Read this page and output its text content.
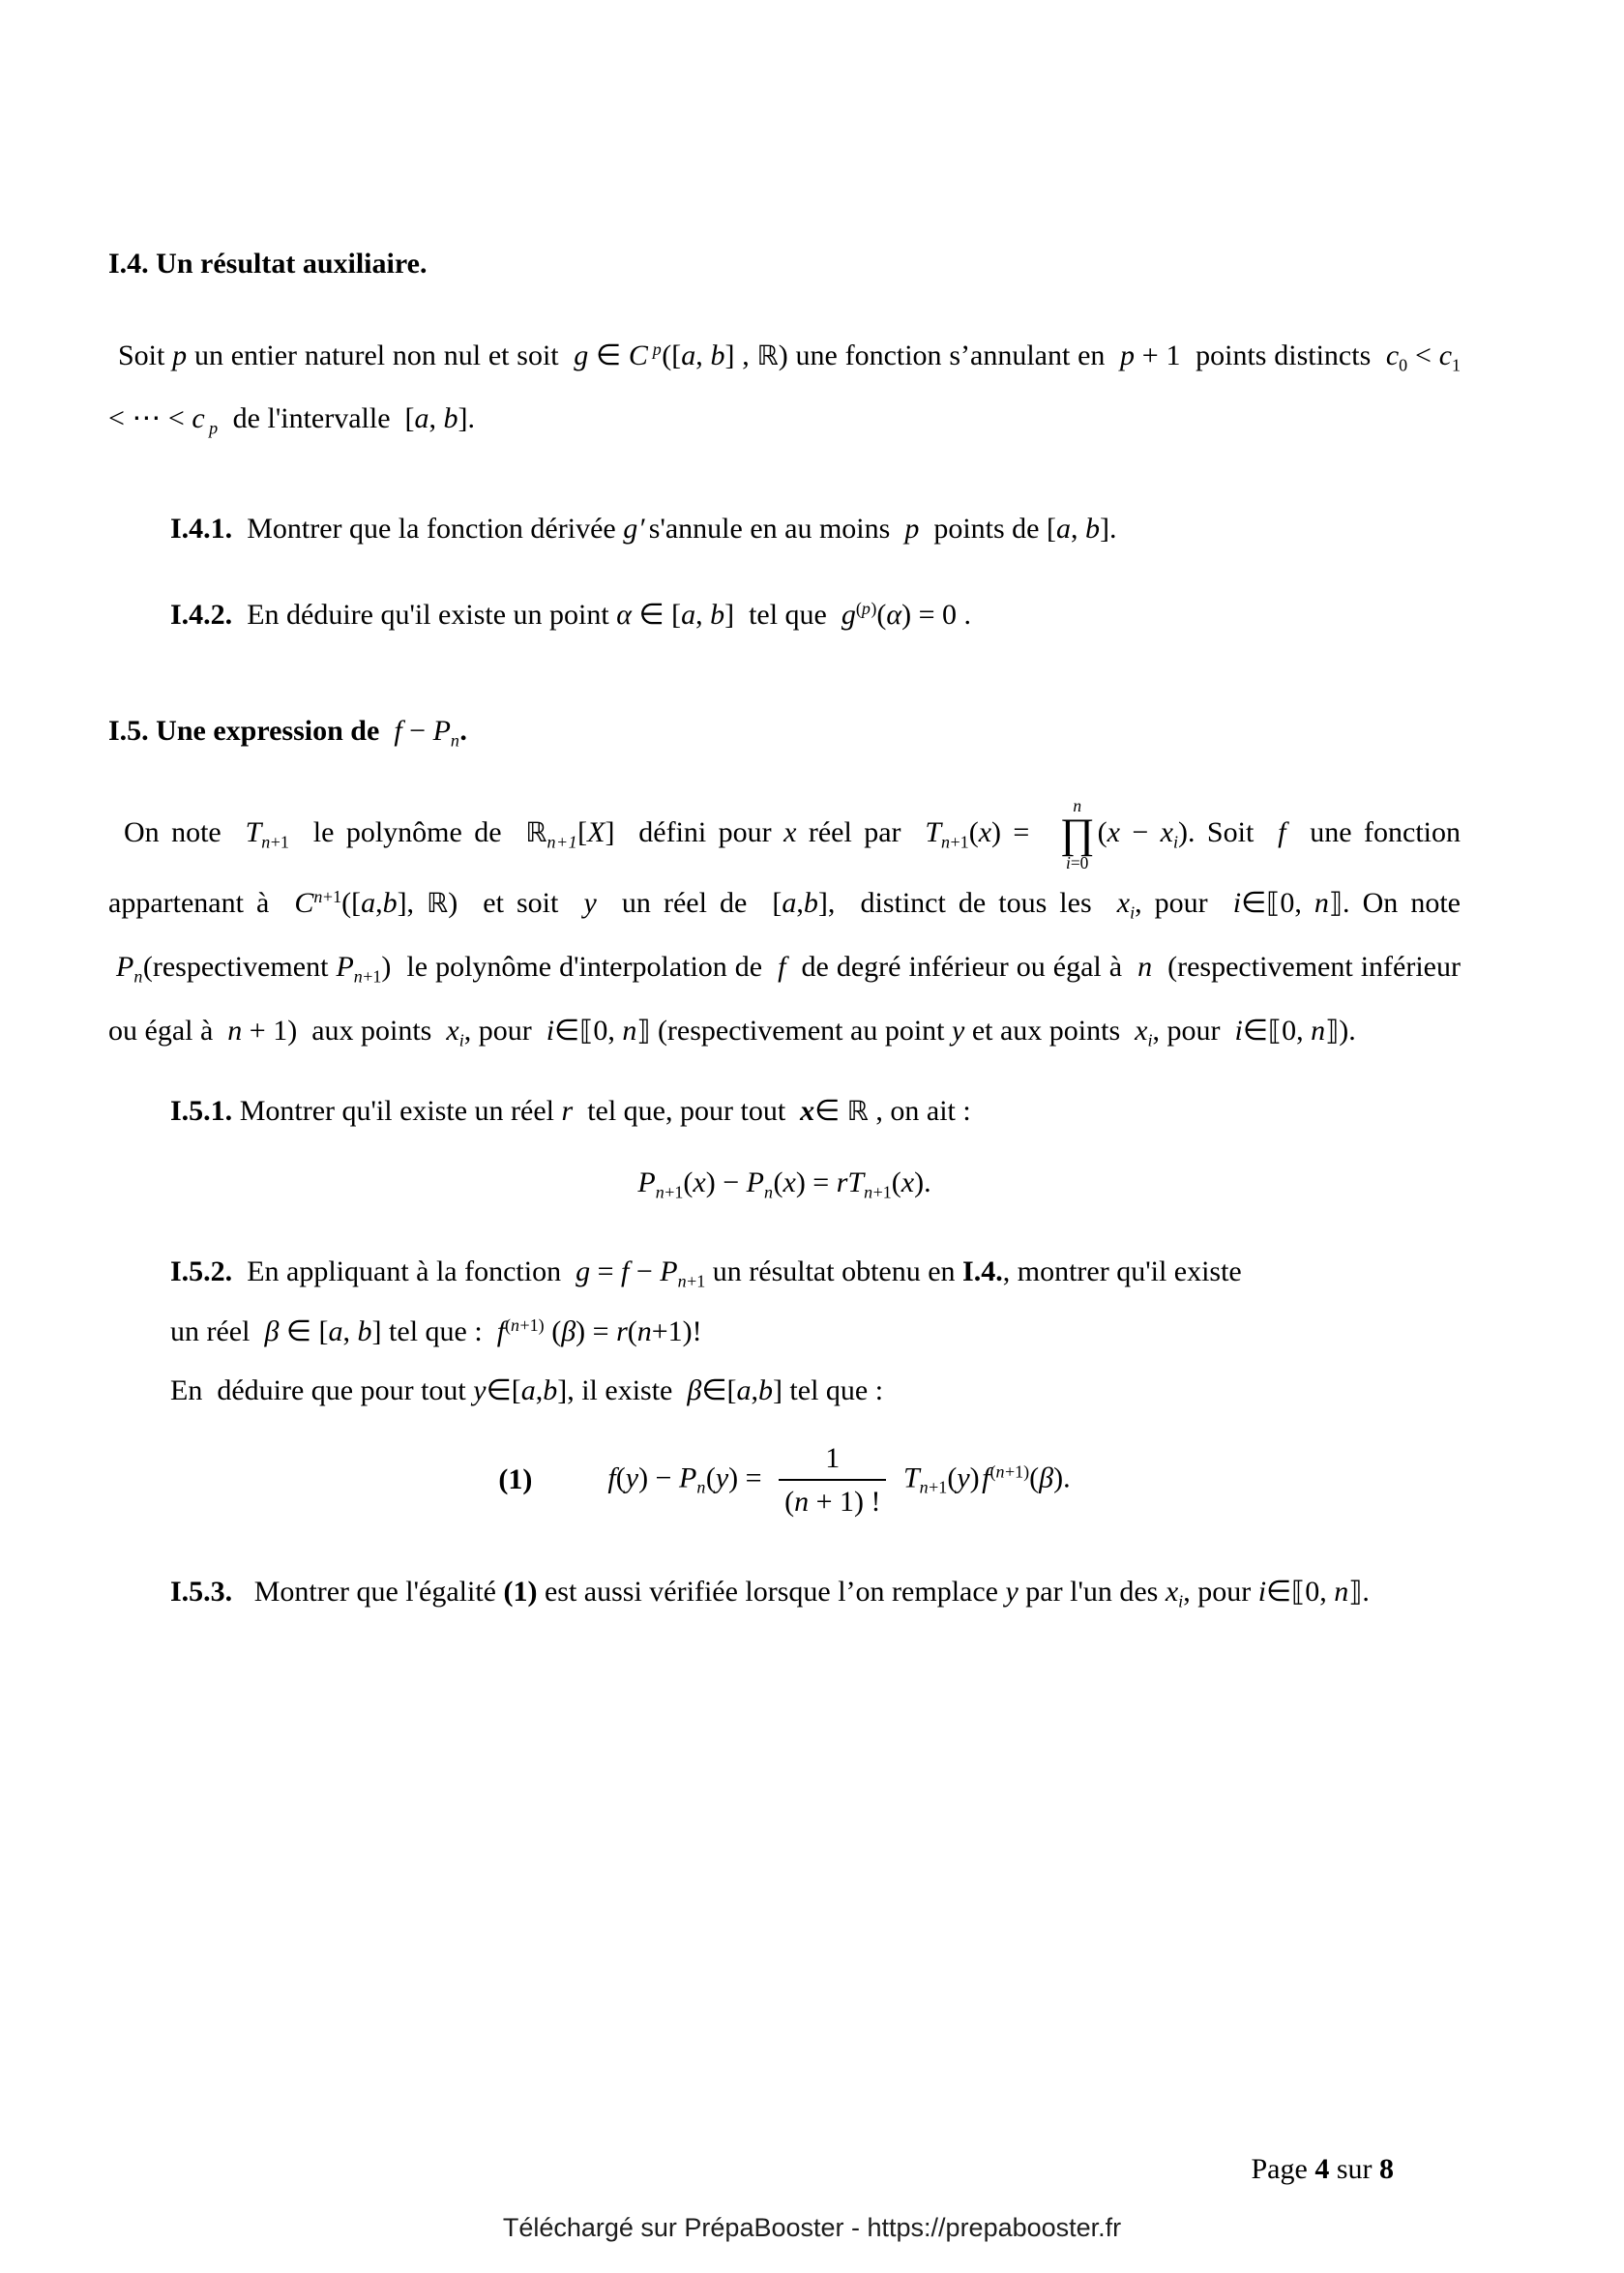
I.4. Un résultat auxiliaire.
Soit p un entier naturel non nul et soit  g ∈ C $^p$([a, b] , ℝ) une fonction s’annulant en  p + 1  points distincts  $c_0 < c_1$ < ⋯ < c $_p$  de l'intervalle  [a, b].
I.4.1.  Montrer que la fonction dérivée g ′ s'annule en au moins  p  points de [a, b].
I.4.2.  En déduire qu'il existe un point α ∈ [a, b]  tel que  $g^{(p)}(\alpha) = 0$ .
I.5. Une expression de  $f - P_n$.
On note  $T_{n+1}$  le polynôme de  ℝ$_{n+1}$[X]  défini pour x réel par  $T_{n+1}(x)$ =
n
∏
i=0
$(x - x_i)$. Soit  f  une fonction appartenant à  $C^{n+1}([a,b]$, ℝ)  et soit  y  un réel de  [a,b],  distinct de tous les  $x_i$, pour  i∈⟦0, n⟧. On note  $P_n(respectivement$ $P_{n+1}$)  le polynôme d'interpolation de  f  de degré inférieur ou égal à  n  (respectivement inférieur ou égal à  n + 1)  aux points  $x_i$, pour  i∈⟦0, n⟧ (respectivement au point y et aux points  $x_i$, pour  i∈⟦0, n⟧).
I.5.1. Montrer qu'il existe un réel r  tel que, pour tout  x∈ ℝ , on ait :
$P_{n+1}(x) - P_n(x) = rT_{n+1}(x)$.
I.5.2.  En appliquant à la fonction  $g = f - P_{n+1}$ un résultat obtenu en I.4., montrer qu'il existe
un réel  β ∈ [a, b] tel que :  $f^{(n+1)}$ (β) = r(n+1)!
En  déduire que pour tout y∈[a,b], il existe  β∈[a,b] tel que :
(1)	$f(y) - P_n(y) = \frac{1}{(n + 1) !} T_{n+1}(y)$ $f^{(n+1)}(\beta)$.
I.5.3.   Montrer que l'égalité (1) est aussi vérifiée lorsque l’on remplace y par l'un des $x_i$, pour i∈⟦0, n⟧.
Page 4 sur 8
Téléchargé sur PrépaBooster - https://prepabooster.fr
